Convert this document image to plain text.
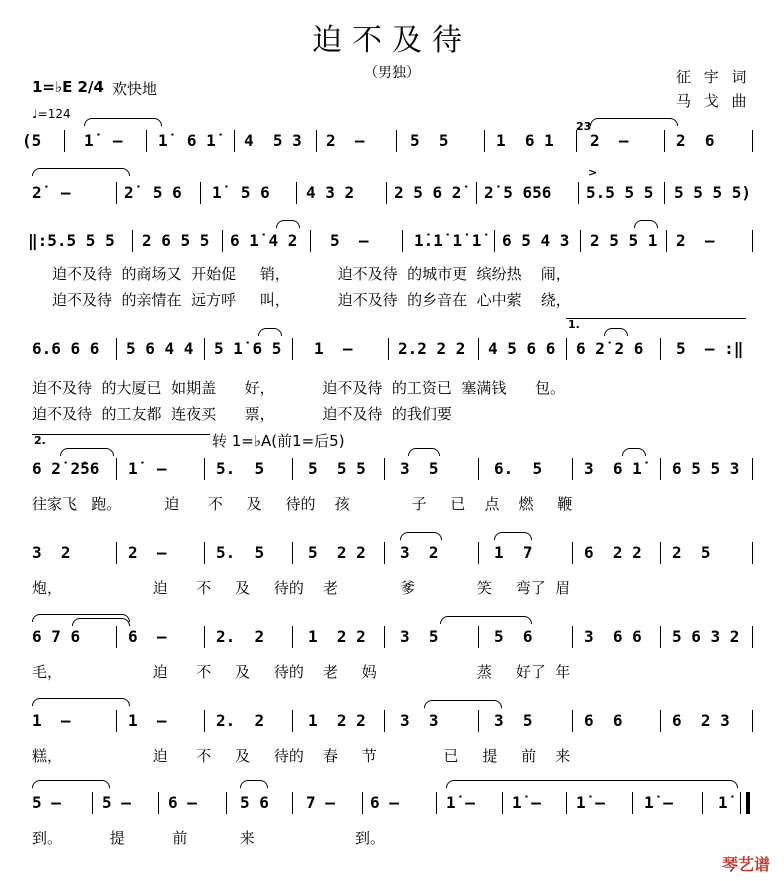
迫不及待
（男独）	征 宇 词
马 戈 曲
1=♭E 2/4 欢快地
♩=124
(5	1̇  – 1̇  6 1̇ 4  5 3 2  –	5  5	1  6 1 2  –	2  6
23
2̇  –	2̇  5 6 1̇  5 6 4 3 2 2 5 6 2̇ 2̇ 5 656 5.5 5 5 5 5 5 5)
>
‖:5.5 5 5 2 6 5 5 6 1̇ 4 2 5  –	1̇.1̇ 1̇ 1̇ 6 5 4 3 2 5 5 1 2  –
迫不及待  的商场又  开始促     销，          迫不及待  的城市更  缤纷热    闹，
迫不及待  的亲情在  远方呼     叫，          迫不及待  的乡音在  心中萦    绕，
6.6 6 6 5 6 4 4 5 1̇ 6 5 1  –	2.2 2 2 4 5 6 6 6 2̇ 2 6 5  – :‖
1.
迫不及待  的大厦已  如期盖      好，          迫不及待  的工资已  塞满钱      包。
迫不及待  的工友都  连夜买      票，          迫不及待  的我们要
转 1=♭A(前1=后5)
6 2̇ 2̇56 1̇  –	5.  5	5  5 5 3  5	6.  5	3  6 1̇ 6 5 5 3
2.
往家飞   跑。         迫      不     及     待的    孩             子     已    点    燃     鞭
3  2	2  –	5.  5	5  2 2 3  2	1  7	6  2 2 2  5
炮，                   迫      不     及     待的    老             爹             笑     弯了  眉
6 7 6	6  –	2.  2	1  2 2 3  5	5  6	3  6 6 5 6 3 2
毛，                   迫      不     及     待的    老     妈                     蒸     好了  年
1  –	1  –	2.  2	1  2 2 3  3	3  5	6  6	6  2 3
糕，                   迫      不     及     待的    春     节              已     提     前    来
5 –	5 – 6 –	5 6 7 – 6 –	1̇ – 1̇ – 1̇ – 1̇ –	1̇
到。          提          前           来                     到。
琴艺谱
